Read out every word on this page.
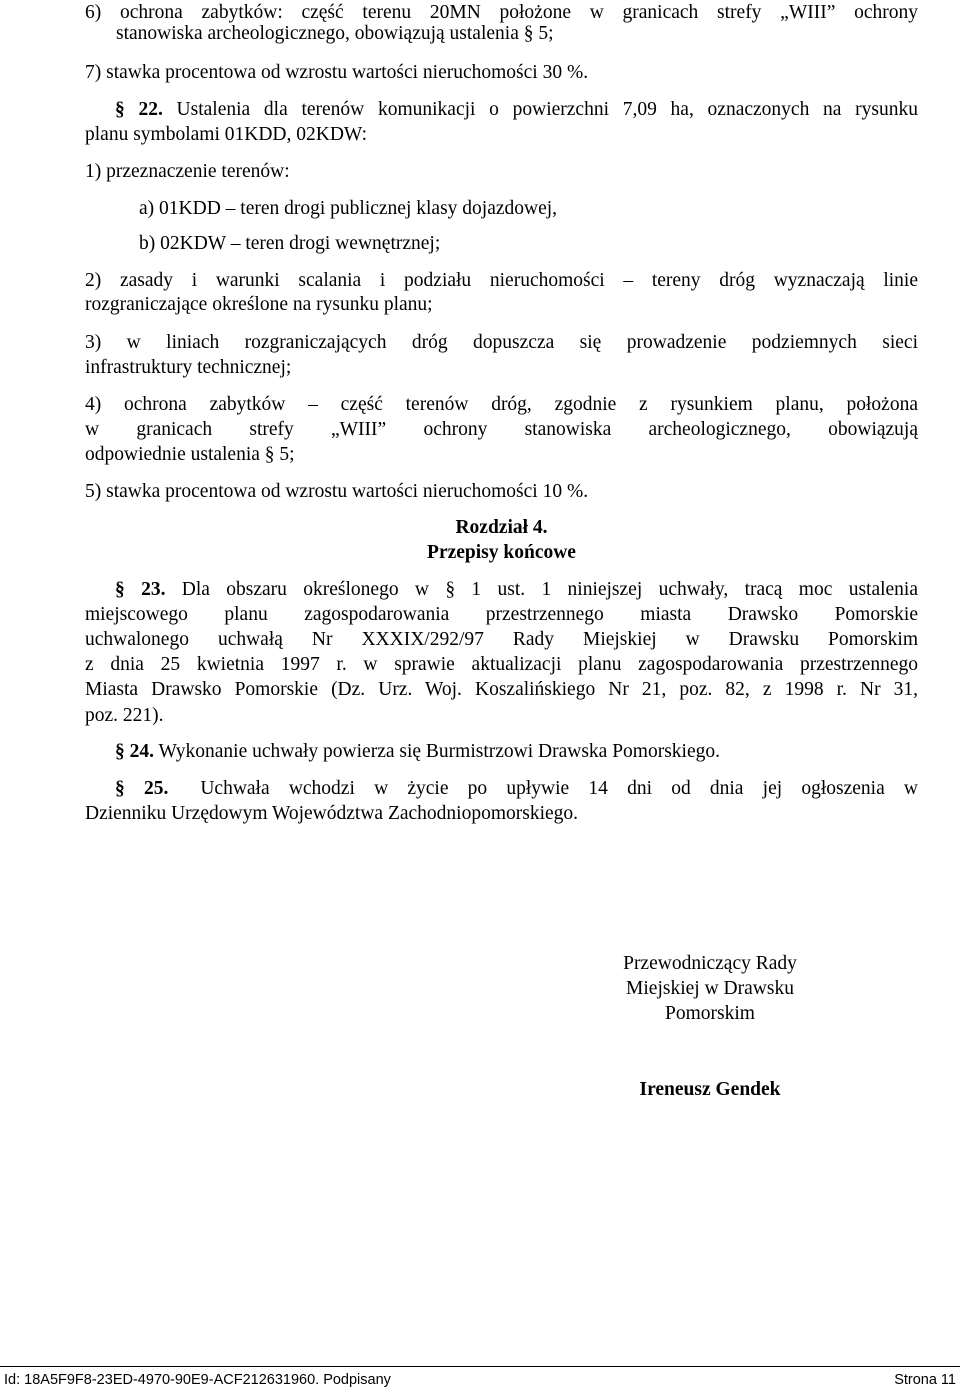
6) ochrona zabytków: część terenu 20MN położone w granicach strefy „WIII” ochrony
stanowiska archeologicznego, obowiązują ustalenia § 5;
7) stawka procentowa od wzrostu wartości nieruchomości 30 %.
§ 22. Ustalenia dla terenów komunikacji o powierzchni 7,09 ha, oznaczonych na rysunku
planu symbolami 01KDD, 02KDW:
1) przeznaczenie terenów:
a) 01KDD – teren drogi publicznej klasy dojazdowej,
b) 02KDW – teren drogi wewnętrznej;
2) zasady i warunki scalania i podziału nieruchomości – tereny dróg wyznaczają linie
rozgraniczające określone na rysunku planu;
3) w liniach rozgraniczających dróg dopuszcza się prowadzenie podziemnych sieci
infrastruktury technicznej;
4) ochrona zabytków – część terenów dróg, zgodnie z rysunkiem planu, położona
w granicach strefy „WIII” ochrony stanowiska archeologicznego, obowiązują
odpowiednie ustalenia § 5;
5) stawka procentowa od wzrostu wartości nieruchomości 10 %.
Rozdział 4.
Przepisy końcowe
§ 23. Dla obszaru określonego w § 1 ust. 1 niniejszej uchwały, tracą moc ustalenia
miejscowego planu zagospodarowania przestrzennego miasta Drawsko Pomorskie
uchwalonego uchwałą Nr XXXIX/292/97 Rady Miejskiej w Drawsku Pomorskim
z dnia 25 kwietnia 1997 r. w sprawie aktualizacji planu zagospodarowania przestrzennego
Miasta Drawsko Pomorskie (Dz. Urz. Woj. Koszalińskiego Nr 21, poz. 82, z 1998 r. Nr 31,
poz. 221).
§ 24. Wykonanie uchwały powierza się Burmistrzowi Drawska Pomorskiego.
§ 25. Uchwała wchodzi w życie po upływie 14 dni od dnia jej ogłoszenia w
Dzienniku Urzędowym Województwa Zachodniopomorskiego.
Przewodniczący Rady
Miejskiej w Drawsku
Pomorskim
Ireneusz Gendek
Id: 18A5F9F8-23ED-4970-90E9-ACF212631960. Podpisany	Strona 11
